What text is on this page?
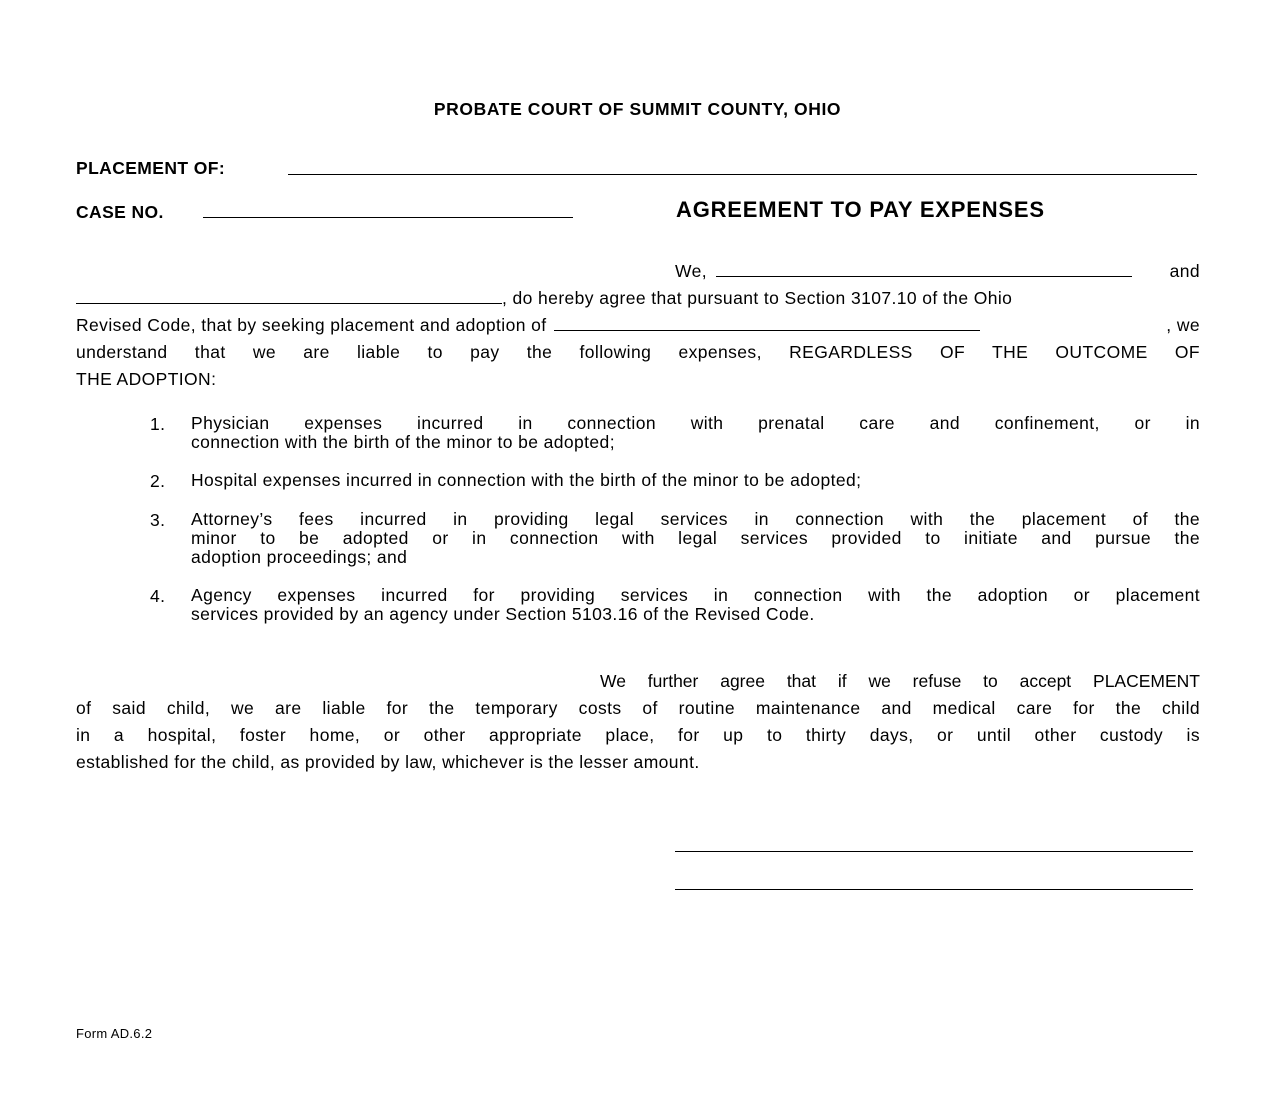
PROBATE COURT OF SUMMIT COUNTY, OHIO
PLACEMENT OF:
CASE NO.	AGREEMENT TO PAY EXPENSES
We,	and
, do hereby agree that pursuant to Section 3107.10 of the Ohio
Revised Code, that by seeking placement and adoption of	, we
understand that we are liable to pay the following expenses, REGARDLESS OF THE OUTCOME OF
THE ADOPTION:
1. Physician expenses incurred in connection with prenatal care and confinement, or in
connection with the birth of the minor to be adopted;
2. Hospital expenses incurred in connection with the birth of the minor to be adopted;
3. Attorney’s fees incurred in providing legal services in connection with the placement of the
minor to be adopted or in connection with legal services provided to initiate and pursue the
adoption proceedings; and
4. Agency expenses incurred for providing services in connection with the adoption or placement
services provided by an agency under Section 5103.16 of the Revised Code.
We further agree that if we refuse to accept PLACEMENT
of said child, we are liable for the temporary costs of routine maintenance and medical care for the child
in a hospital, foster home, or other appropriate place, for up to thirty days, or until other custody is
established for the child, as provided by law, whichever is the lesser amount.
Form AD.6.2
